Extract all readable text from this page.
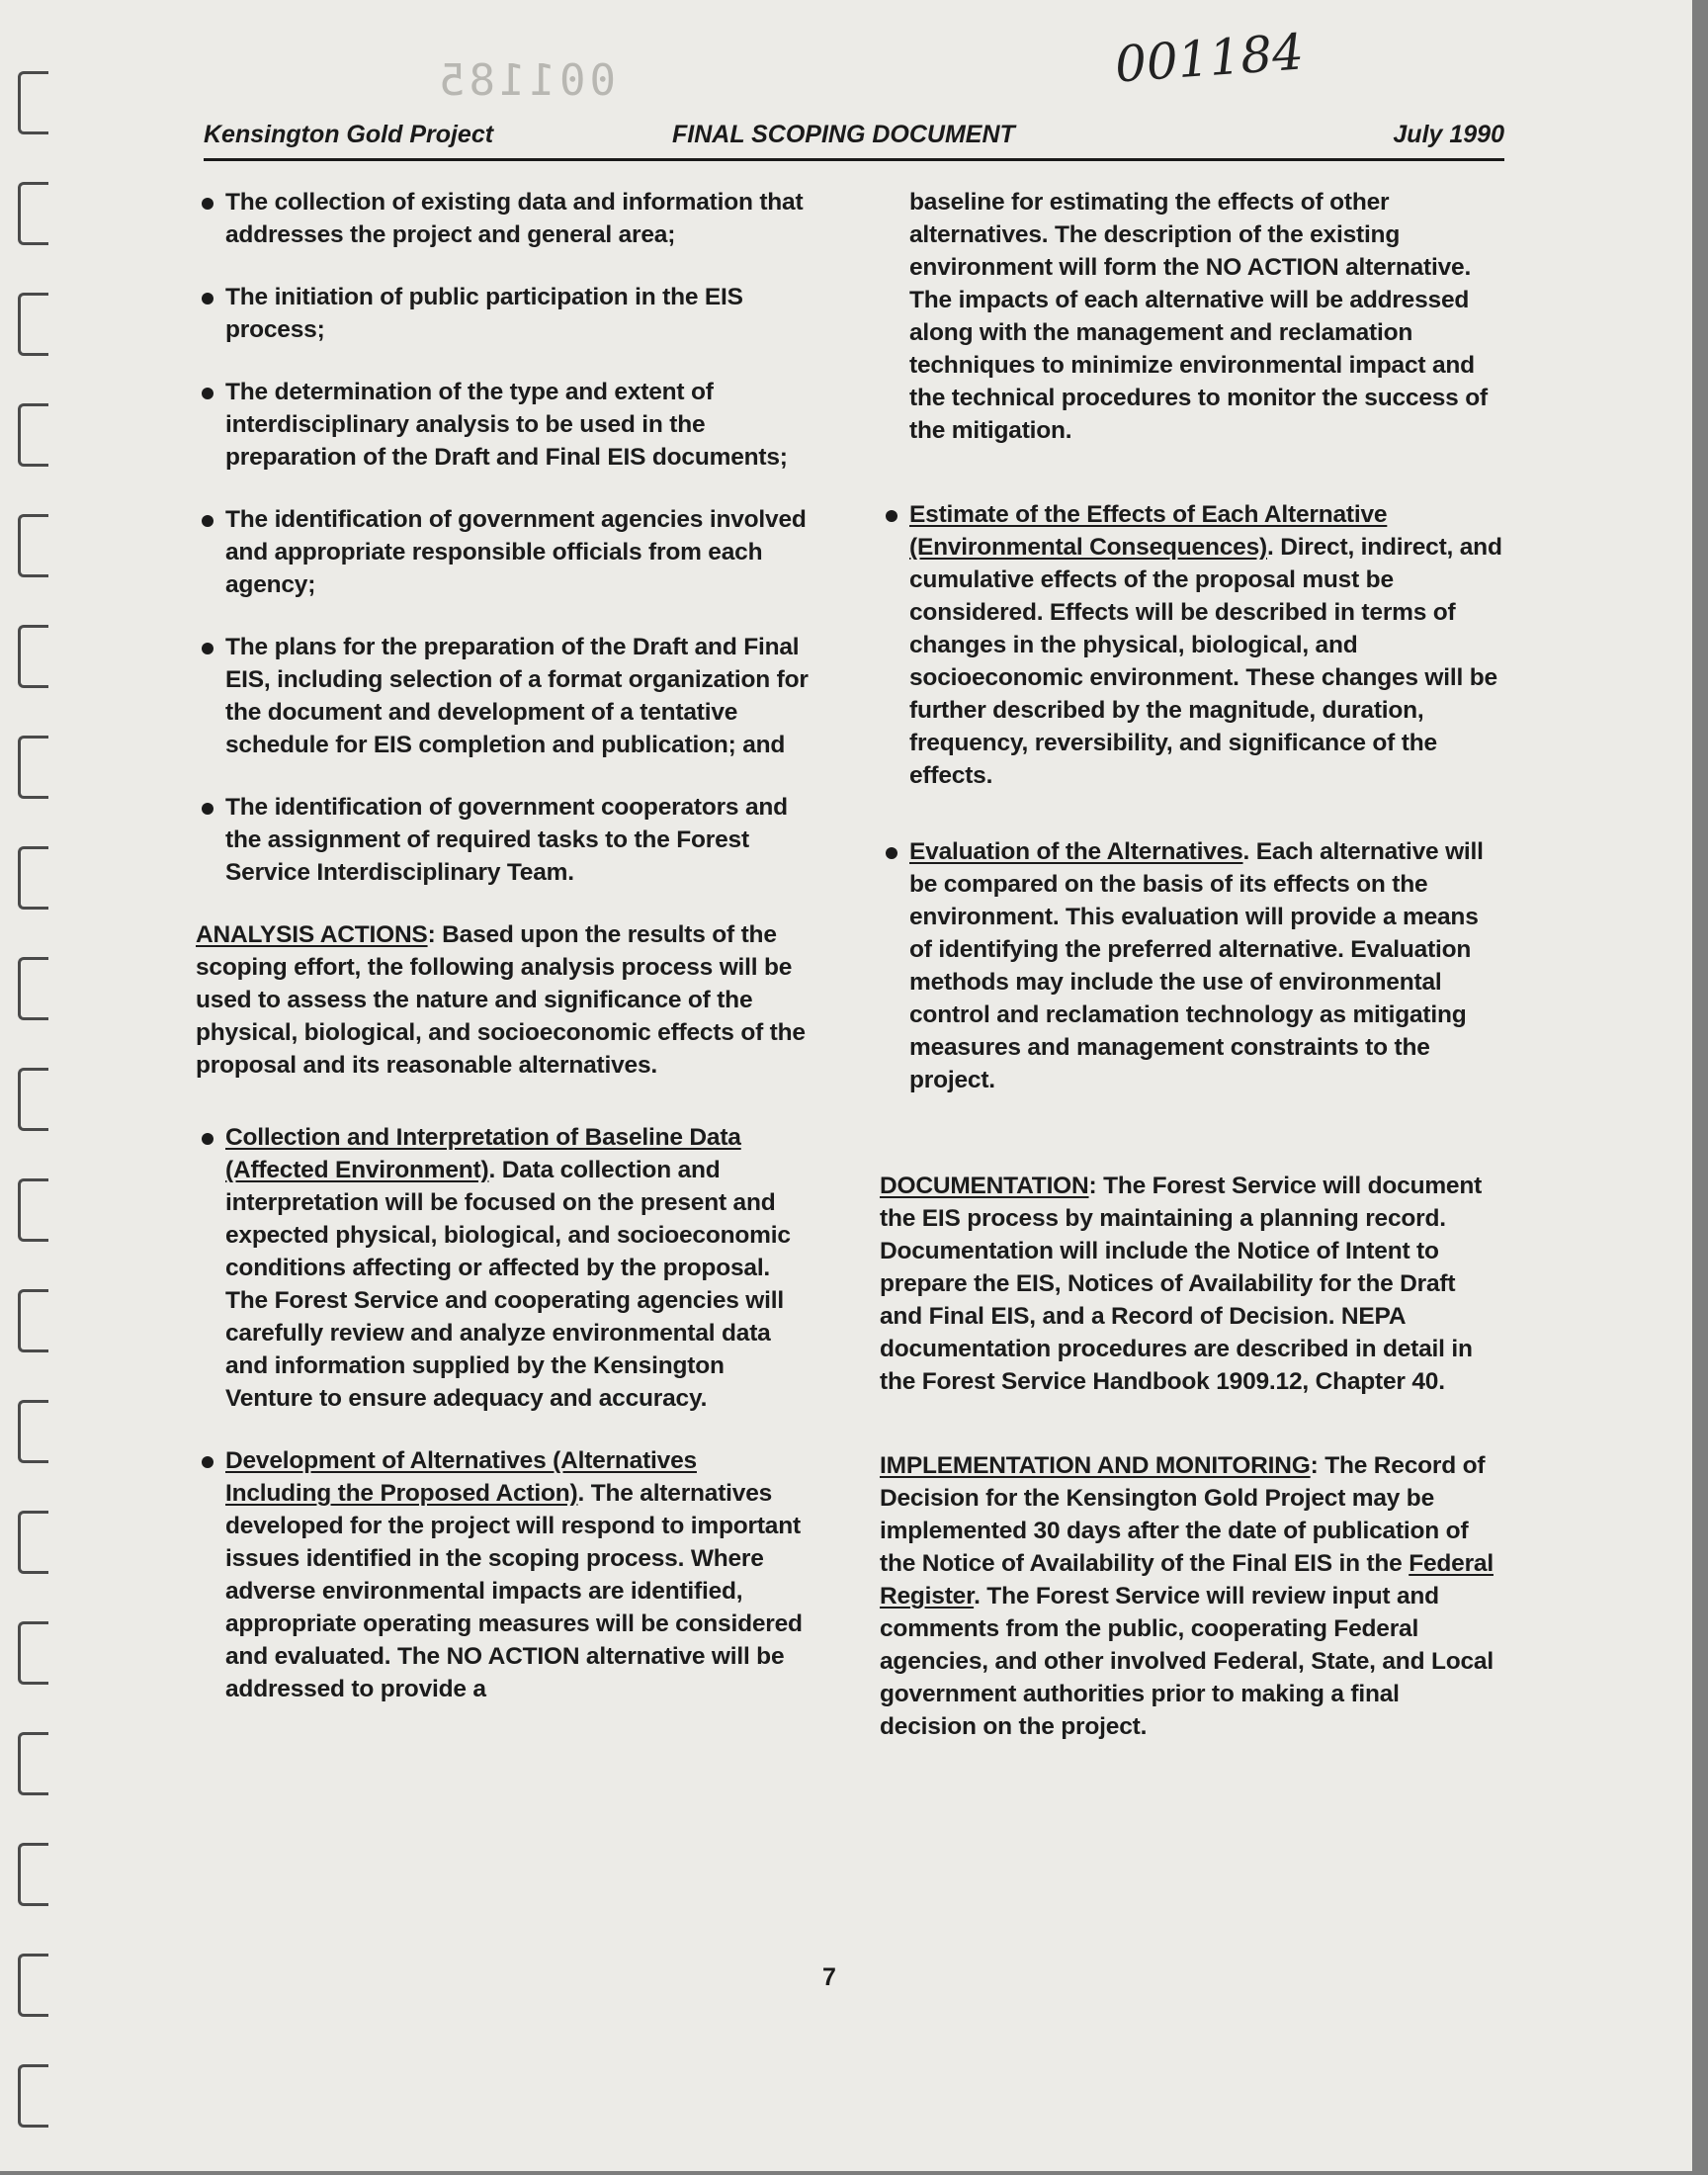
001185	001184
Kensington Gold Project	FINAL SCOPING DOCUMENT	July 1990
The collection of existing data and information that addresses the project and general area;
The initiation of public participation in the EIS process;
The determination of the type and extent of interdisciplinary analysis to be used in the preparation of the Draft and Final EIS documents;
The identification of government agencies involved and appropriate responsible officials from each agency;
The plans for the preparation of the Draft and Final EIS, including selection of a format organization for the document and development of a tentative schedule for EIS completion and publication; and
The identification of government cooperators and the assignment of required tasks to the Forest Service Interdisciplinary Team.
ANALYSIS ACTIONS: Based upon the results of the scoping effort, the following analysis process will be used to assess the nature and significance of the physical, biological, and socioeconomic effects of the proposal and its reasonable alternatives.
Collection and Interpretation of Baseline Data (Affected Environment). Data collection and interpretation will be focused on the present and expected physical, biological, and socioeconomic conditions affecting or affected by the proposal. The Forest Service and cooperating agencies will carefully review and analyze environmental data and information supplied by the Kensington Venture to ensure adequacy and accuracy.
Development of Alternatives (Alternatives Including the Proposed Action). The alternatives developed for the project will respond to important issues identified in the scoping process. Where adverse environmental impacts are identified, appropriate operating measures will be considered and evaluated. The NO ACTION alternative will be addressed to provide a
baseline for estimating the effects of other alternatives. The description of the existing environment will form the NO ACTION alternative. The impacts of each alternative will be addressed along with the management and reclamation techniques to minimize environmental impact and the technical procedures to monitor the success of the mitigation.
Estimate of the Effects of Each Alternative (Environmental Consequences). Direct, indirect, and cumulative effects of the proposal must be considered. Effects will be described in terms of changes in the physical, biological, and socioeconomic environment. These changes will be further described by the magnitude, duration, frequency, reversibility, and significance of the effects.
Evaluation of the Alternatives. Each alternative will be compared on the basis of its effects on the environment. This evaluation will provide a means of identifying the preferred alternative. Evaluation methods may include the use of environmental control and reclamation technology as mitigating measures and management constraints to the project.
DOCUMENTATION: The Forest Service will document the EIS process by maintaining a planning record. Documentation will include the Notice of Intent to prepare the EIS, Notices of Availability for the Draft and Final EIS, and a Record of Decision. NEPA documentation procedures are described in detail in the Forest Service Handbook 1909.12, Chapter 40.
IMPLEMENTATION AND MONITORING: The Record of Decision for the Kensington Gold Project may be implemented 30 days after the date of publication of the Notice of Availability of the Final EIS in the Federal Register. The Forest Service will review input and comments from the public, cooperating Federal agencies, and other involved Federal, State, and Local government authorities prior to making a final decision on the project.
7
